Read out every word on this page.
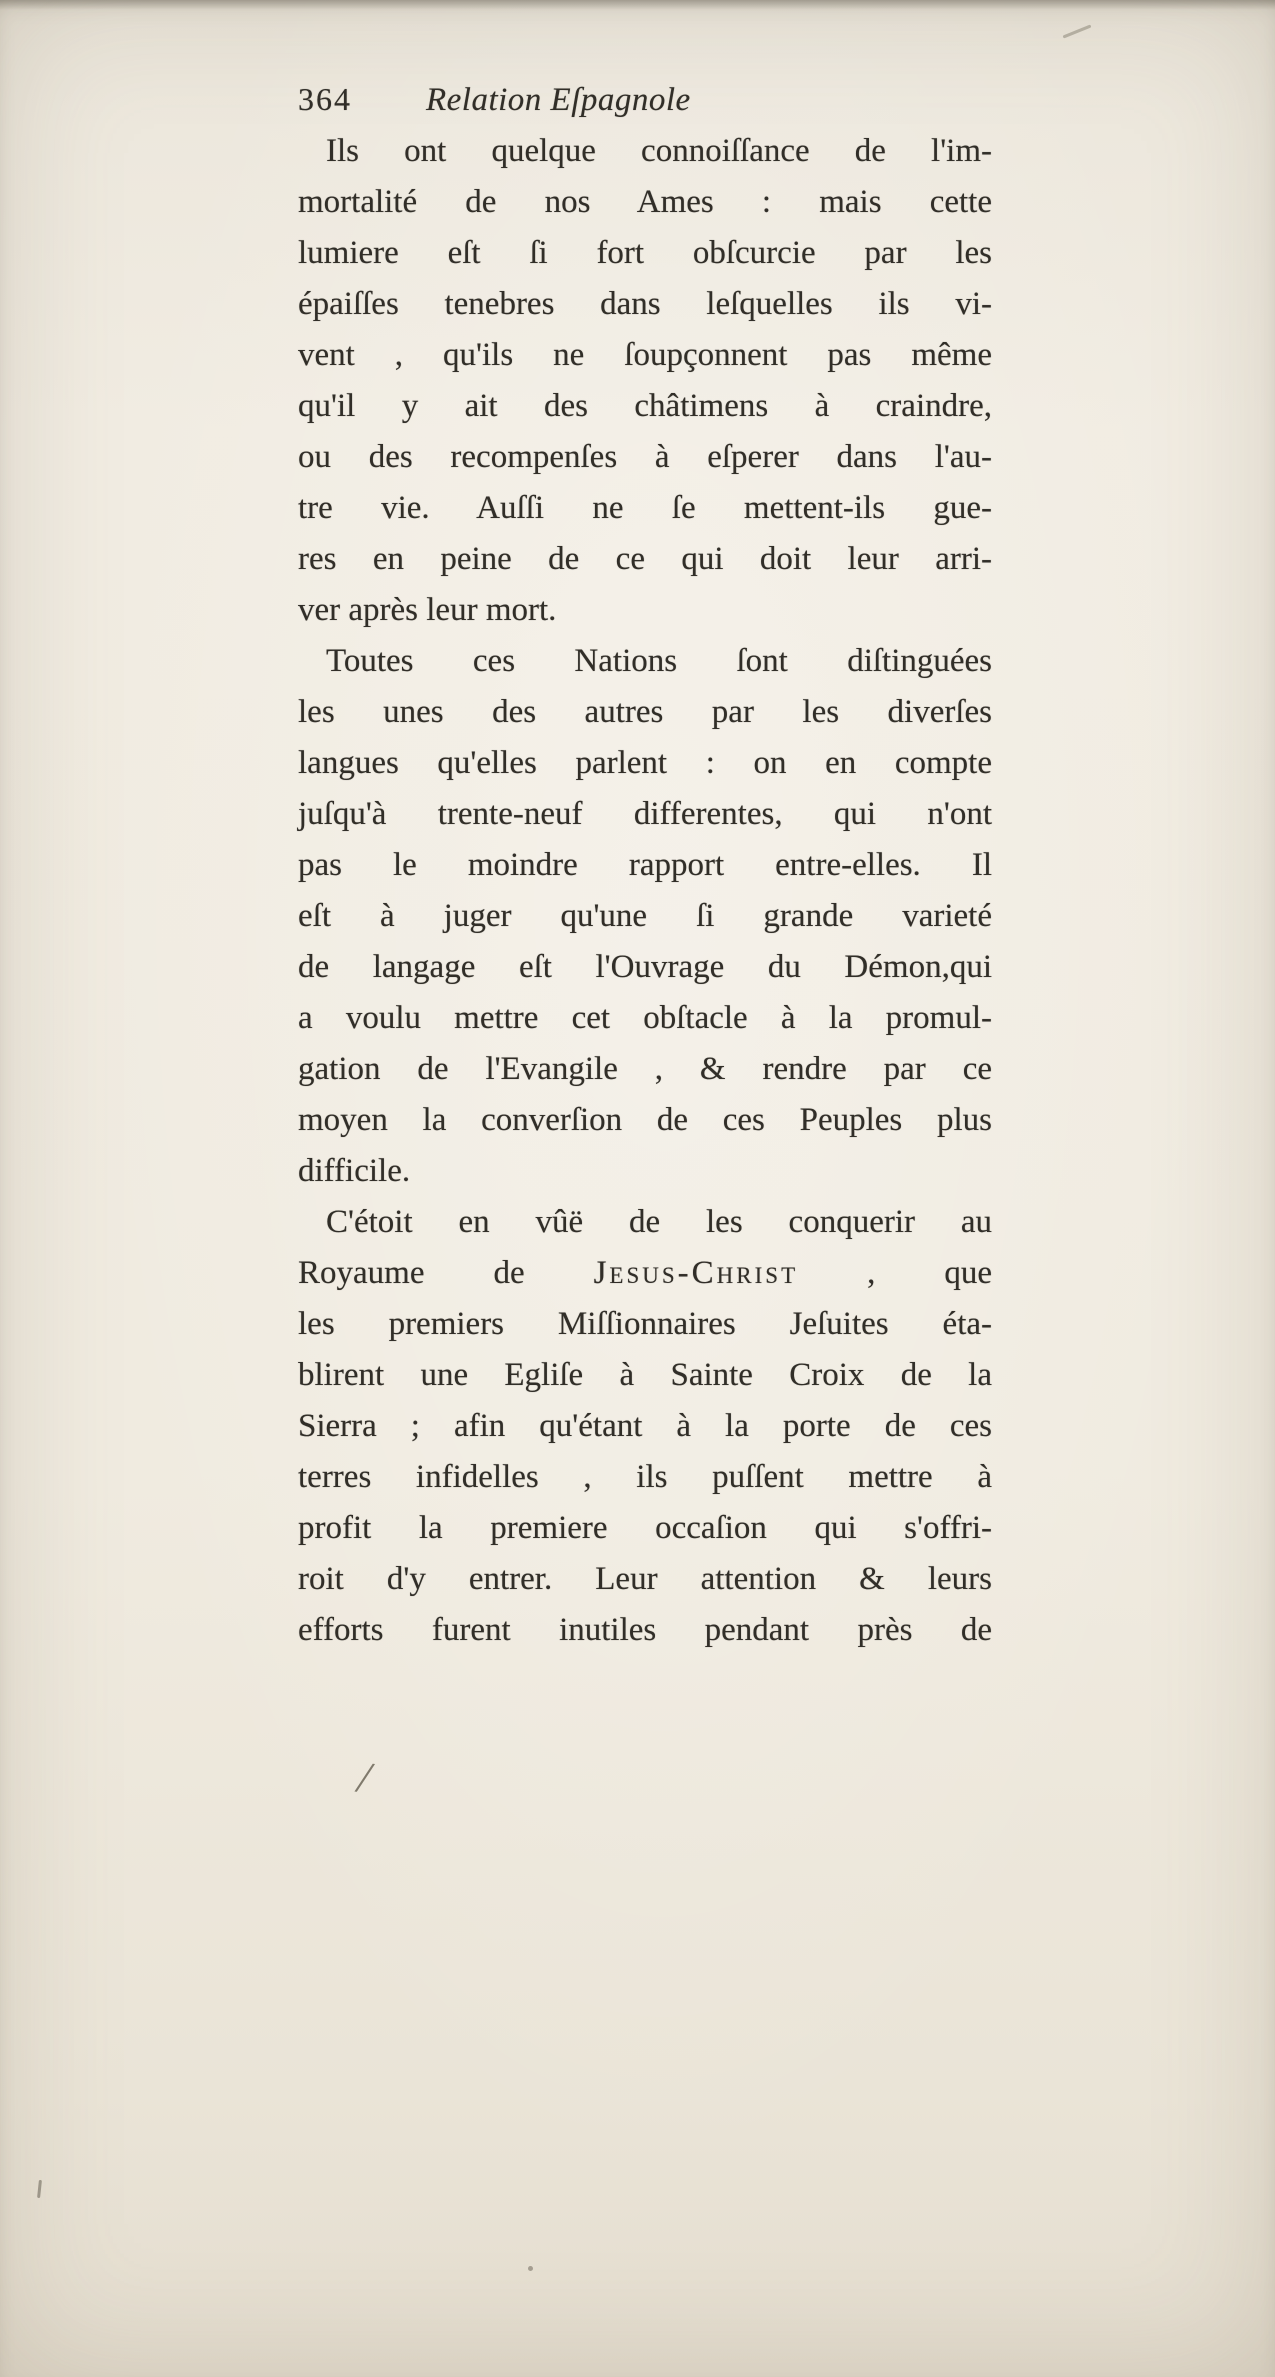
364 Relation Eſpagnole
Ils ont quelque connoiſſance de l'im-
mortalité de nos Ames : mais cette
lumiere eſt ſi fort obſcurcie par les
épaiſſes tenebres dans leſquelles ils vi-
vent , qu'ils ne ſoupçonnent pas même
qu'il y ait des châtimens à craindre,
ou des recompenſes à eſperer dans l'au-
tre vie. Auſſi ne ſe mettent-ils gue-
res en peine de ce qui doit leur arri-
ver après leur mort.
Toutes ces Nations ſont diſtinguées
les unes des autres par les diverſes
langues qu'elles parlent : on en compte
juſqu'à trente-neuf differentes, qui n'ont
pas le moindre rapport entre-elles. Il
eſt à juger qu'une ſi grande varieté
de langage eſt l'Ouvrage du Démon,qui
a voulu mettre cet obſtacle à la promul-
gation de l'Evangile , & rendre par ce
moyen la converſion de ces Peuples plus
difficile.
C'étoit en vûë de les conquerir au
Royaume de Jesus-Christ , que
les premiers Miſſionnaires Jeſuites éta-
blirent une Egliſe à Sainte Croix de la
Sierra ; afin qu'étant à la porte de ces
terres infidelles , ils puſſent mettre à
profit la premiere occaſion qui s'offri-
roit d'y entrer. Leur attention & leurs
efforts furent inutiles pendant près de
/
